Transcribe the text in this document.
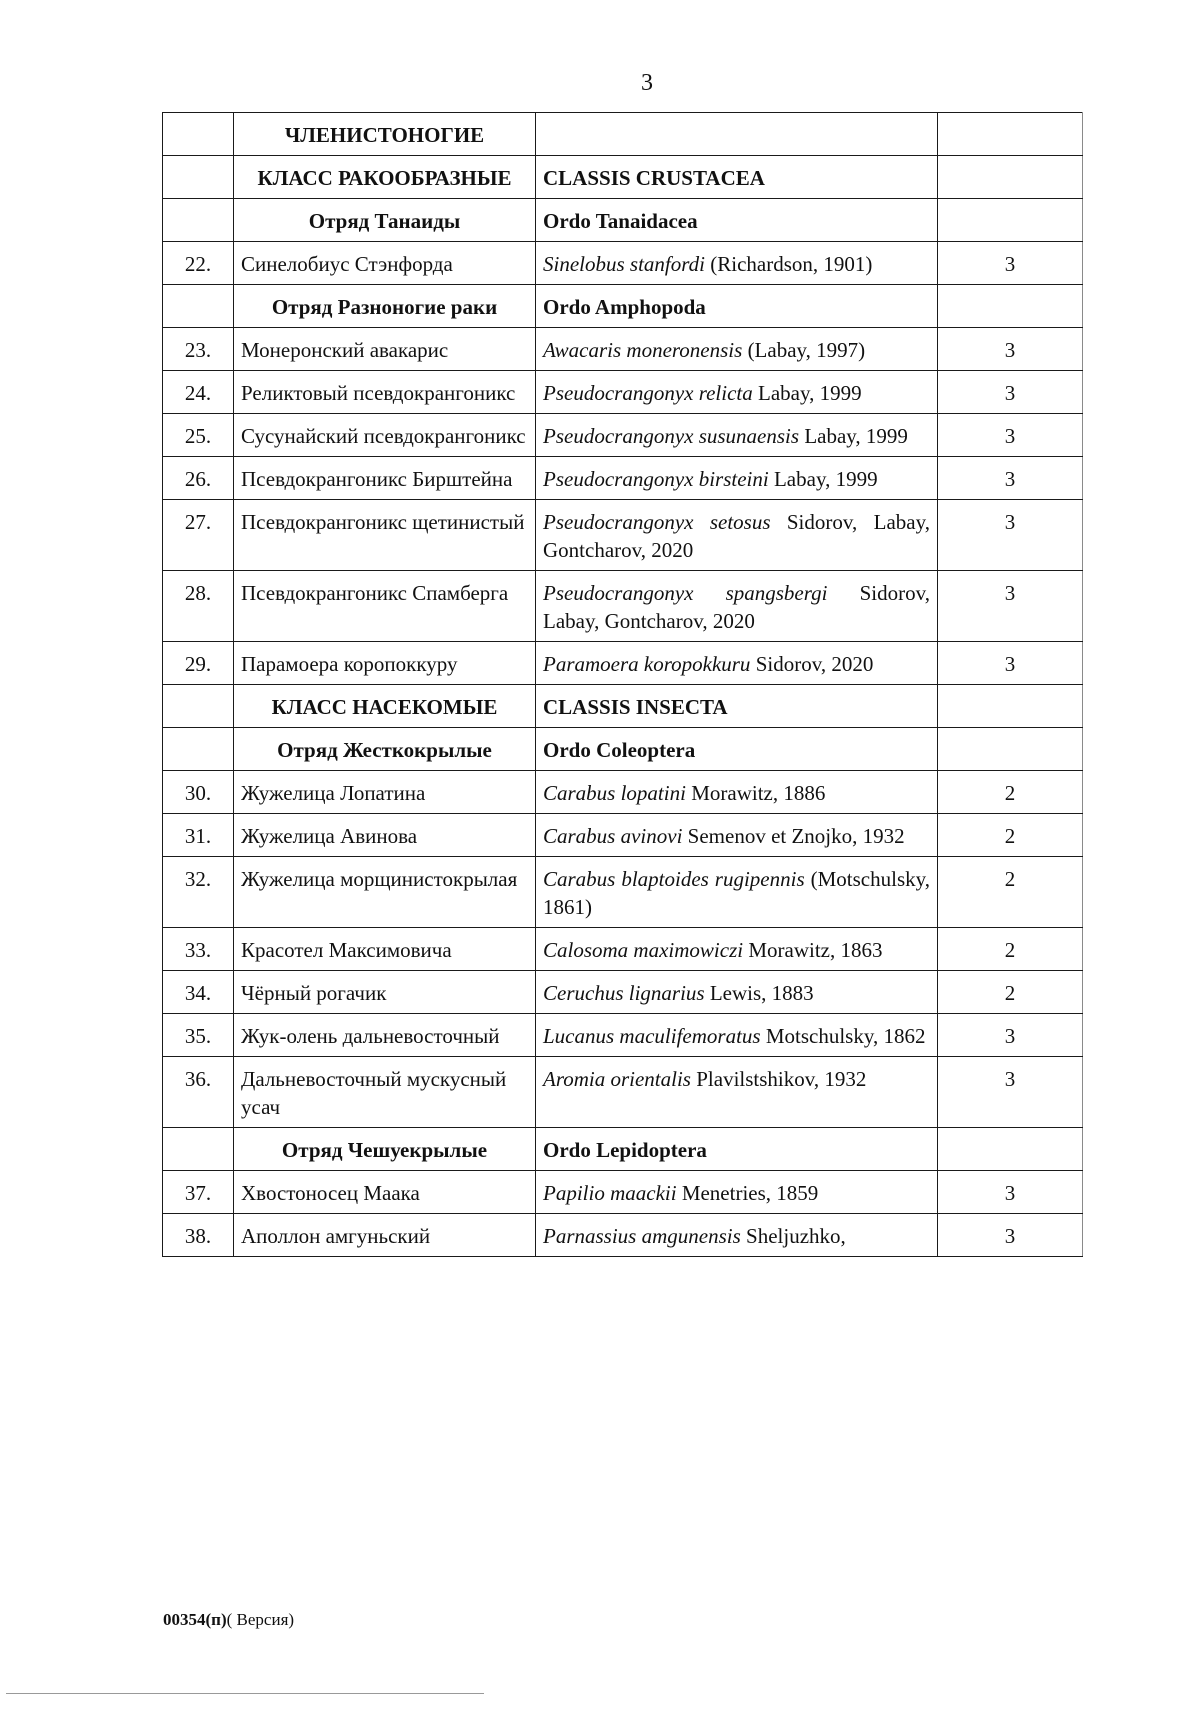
3
	ЧЛЕНИСТОНОГИЕ		
	КЛАСС РАКООБРАЗНЫЕ	CLASSIS CRUSTACEA	
	Отряд Танаиды	Ordo Tanaidacea	
22.	Синелобиус Стэнфорда	Sinelobus stanfordi (Richardson, 1901)	3
	Отряд Разноногие раки	Ordo Amphopoda	
23.	Монеронский авакарис	Awacaris moneronensis (Labay, 1997)	3
24.	Реликтовый псевдокрангоникс	Pseudocrangonyx relicta Labay, 1999	3
25.	Сусунайский псевдокрангоникс	Pseudocrangonyx susunaensis Labay, 1999	3
26.	Псевдокрангоникс Бирштейна	Pseudocrangonyx birsteini Labay, 1999	3
27.	Псевдокрангоникс щетинистый	Pseudocrangonyx setosus Sidorov, Labay, Gontcharov, 2020	3
28.	Псевдокрангоникс Спамберга	Pseudocrangonyx spangsbergi Sidorov, Labay, Gontcharov, 2020	3
29.	Парамоера коропоккуру	Paramoera koropokkuru Sidorov, 2020	3
	КЛАСС НАСЕКОМЫЕ	CLASSIS INSECTA	
	Отряд Жесткокрылые	Ordo Coleoptera	
30.	Жужелица Лопатина	Carabus lopatini Morawitz, 1886	2
31.	Жужелица Авинова	Carabus avinovi Semenov et Znojko, 1932	2
32.	Жужелица морщинистокрылая	Carabus blaptoides rugipennis (Motschulsky, 1861)	2
33.	Красотел Максимовича	Calosoma maximowiczi Morawitz, 1863	2
34.	Чёрный рогачик	Ceruchus lignarius Lewis, 1883	2
35.	Жук-олень дальневосточный	Lucanus maculifemoratus Motschulsky, 1862	3
36.	Дальневосточный мускусный усач	Aromia orientalis Plavilstshikov, 1932	3
	Отряд Чешуекрылые	Ordo Lepidoptera	
37.	Хвостоносец Маака	Papilio maackii Menetries, 1859	3
38.	Аполлон амгуньский	Parnassius amgunensis Sheljuzhko,	3
00354(п)( Версия)
